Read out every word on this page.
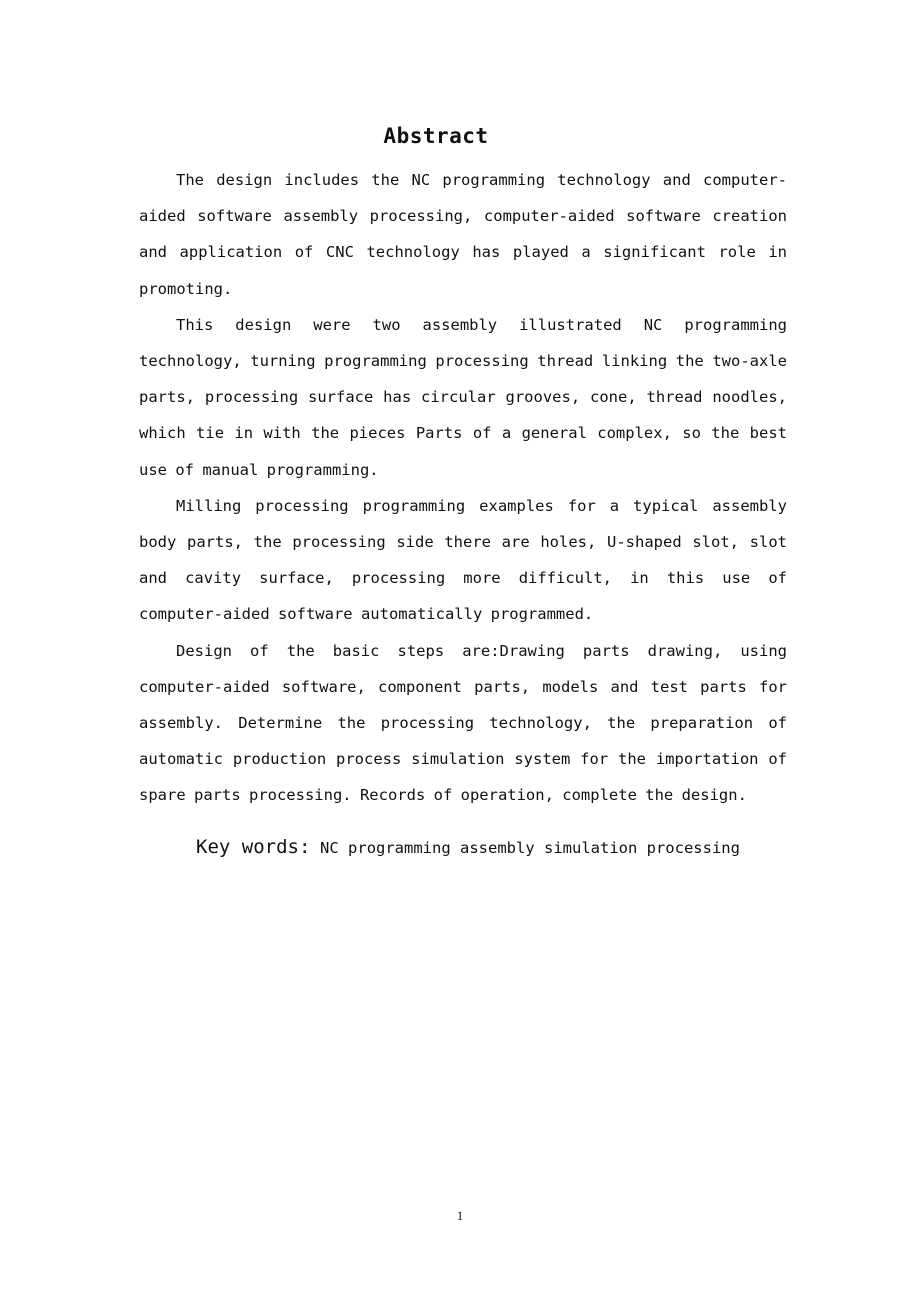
Abstract

The design includes the NC programming technology and computer-aided software assembly processing, computer-aided software creation and application of CNC technology has played a significant role in promoting.

This design were two assembly illustrated NC programming technology, turning programming processing thread linking the two-axle parts, processing surface has circular grooves, cone, thread noodles, which tie in with the pieces Parts of a general complex, so the best use of manual programming.

Milling processing programming examples for a typical assembly body parts, the processing side there are holes, U-shaped slot, slot and cavity surface, processing more difficult, in this use of computer-aided software automatically programmed.

Design of the basic steps are:Drawing parts drawing, using computer-aided software, component parts, models and test parts for assembly. Determine the processing technology, the preparation of automatic production process simulation system for the importation of spare parts processing. Records of operation, complete the design.

Key words: NC programming assembly simulation processing
1
